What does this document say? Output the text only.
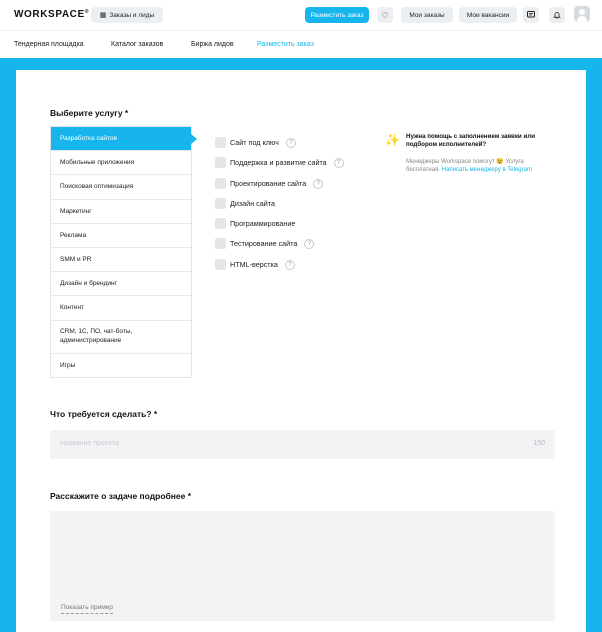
WORKSPACE® ▦ Заказы и лиды	Разместить заказ ♡	Мои заказы	Мои вакансии
Тендерная площадка	Каталог заказов	Биржа лидов	Разместить заказ
Выберите услугу *
Разработка сайтов
Мобильные приложения
Поисковая оптимизация
Маркетинг
Реклама
SMM и PR
Дизайн и брендинг
Контент
CRM, 1С, ПО, чат-боты, администрирование
Игры
Сайт под ключ	?
Поддержка и развитие сайта	?
Проектирование сайта	?
Дизайн сайта
Программирование
Тестирование сайта	?
HTML-верстка	?
✨ Нужна помощь с заполнением заявки или подбором исполнителей?
Менеджеры Workspace помогут 😉 Услуга бесплатная. Написать менеджеру в Telegram
Что требуется сделать? *
Название проекта	150
Расскажите о задаче подробнее *
Показать пример
